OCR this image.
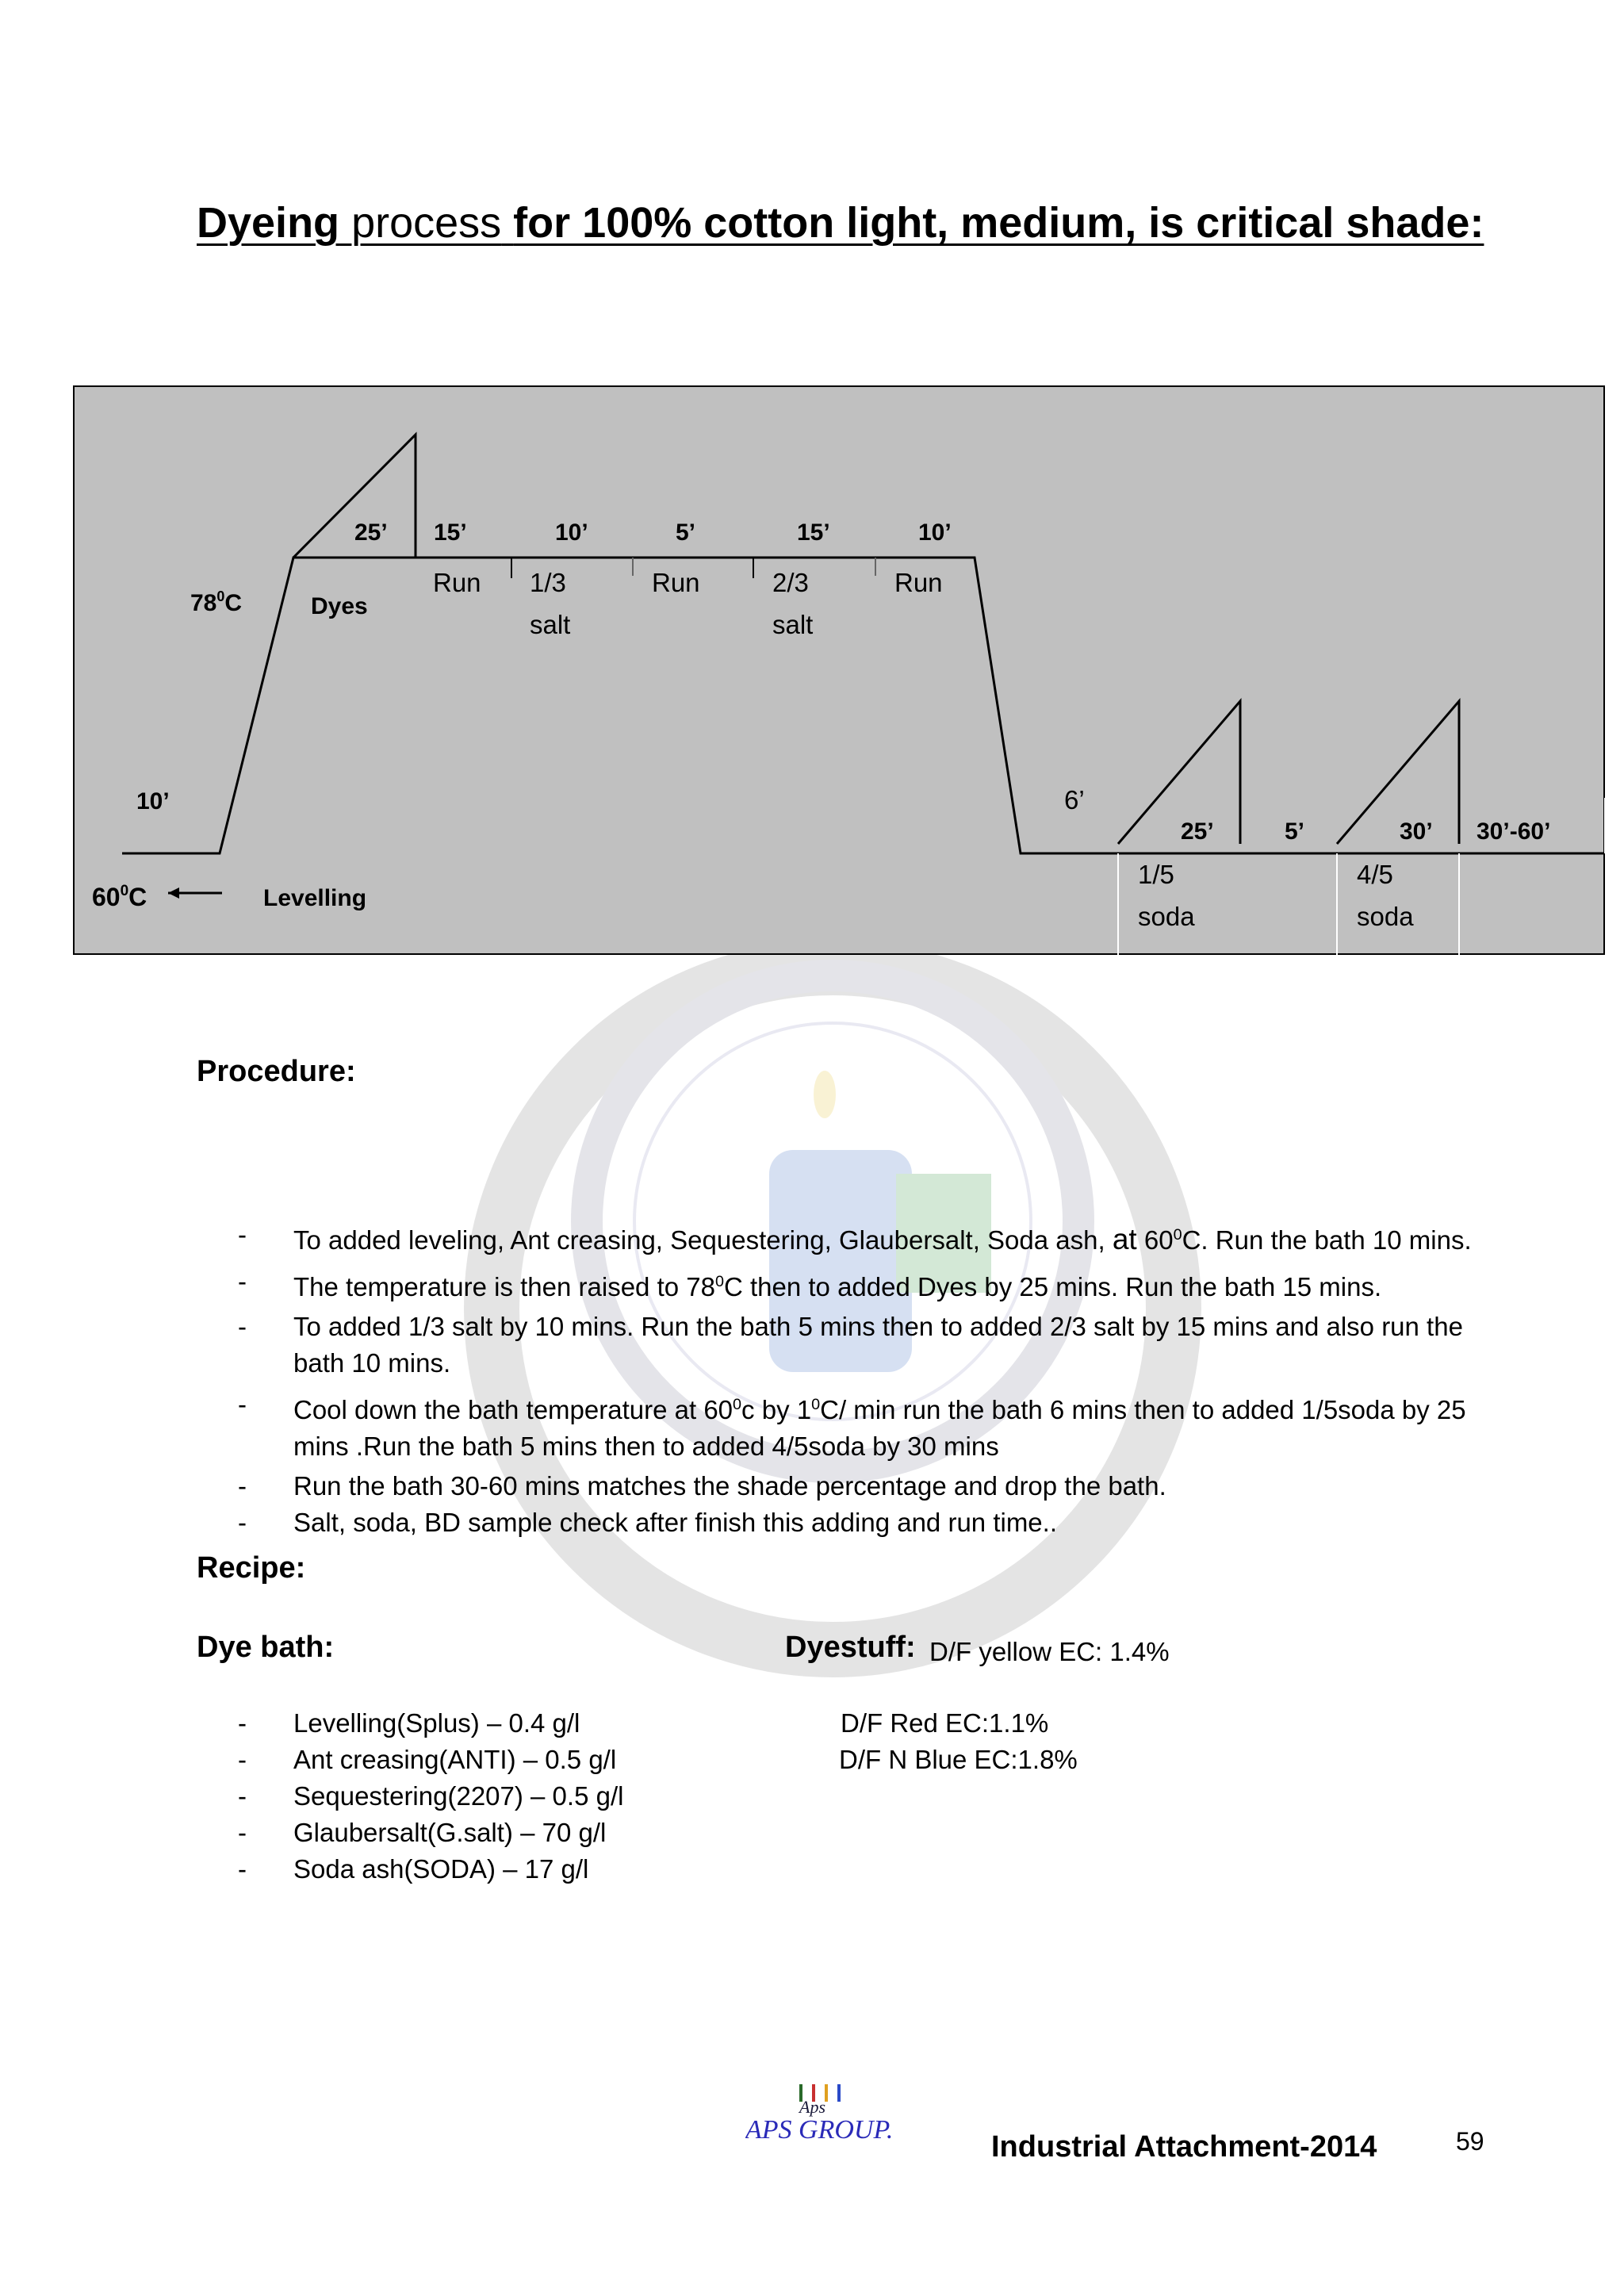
Dyeing process for 100% cotton light, medium, is critical shade:
$78^0C$
$60^0C$
Dyes
Levelling
10’
25’ 15’	10’	5’	15’	10’
6’
25’	5’	30’ 30’-60’
Run 1/3
salt
Run	2/3
salt
Run
1/5
soda
4/5
soda
Procedure:
- To added leveling, Ant creasing, Sequestering, Glaubersalt, Soda ash, at $60^0C$. Run the bath 10 mins.
- The temperature is then raised to $78^0C$ then to added Dyes by 25 mins. Run the bath 15 mins.
- To added 1/3 salt by 10 mins. Run the bath 5 mins then to added 2/3 salt by 15 mins and also run the bath 10 mins.
- Cool down the bath temperature at $60^0c$ by $1^0C/$ min run the bath 6 mins then to added 1/5soda by 25 mins .Run the bath 5 mins then to added 4/5soda by 30 mins
- Run the bath 30-60 mins matches the shade percentage and drop the bath.
- Salt, soda, BD sample check after finish this adding and run time..
Recipe:
Dye bath:	Dyestuff: D/F yellow EC: 1.4%
D/F Red EC:1.1%
D/F N Blue EC:1.8%
- Levelling(Splus) – 0.4 g/l
- Ant creasing(ANTI) – 0.5 g/l
- Sequestering(2207) – 0.5 g/l
- Glaubersalt(G.salt) – 70 g/l
- Soda ash(SODA) – 17 g/l
Aps
APS GROUP.
Industrial Attachment-2014	59
